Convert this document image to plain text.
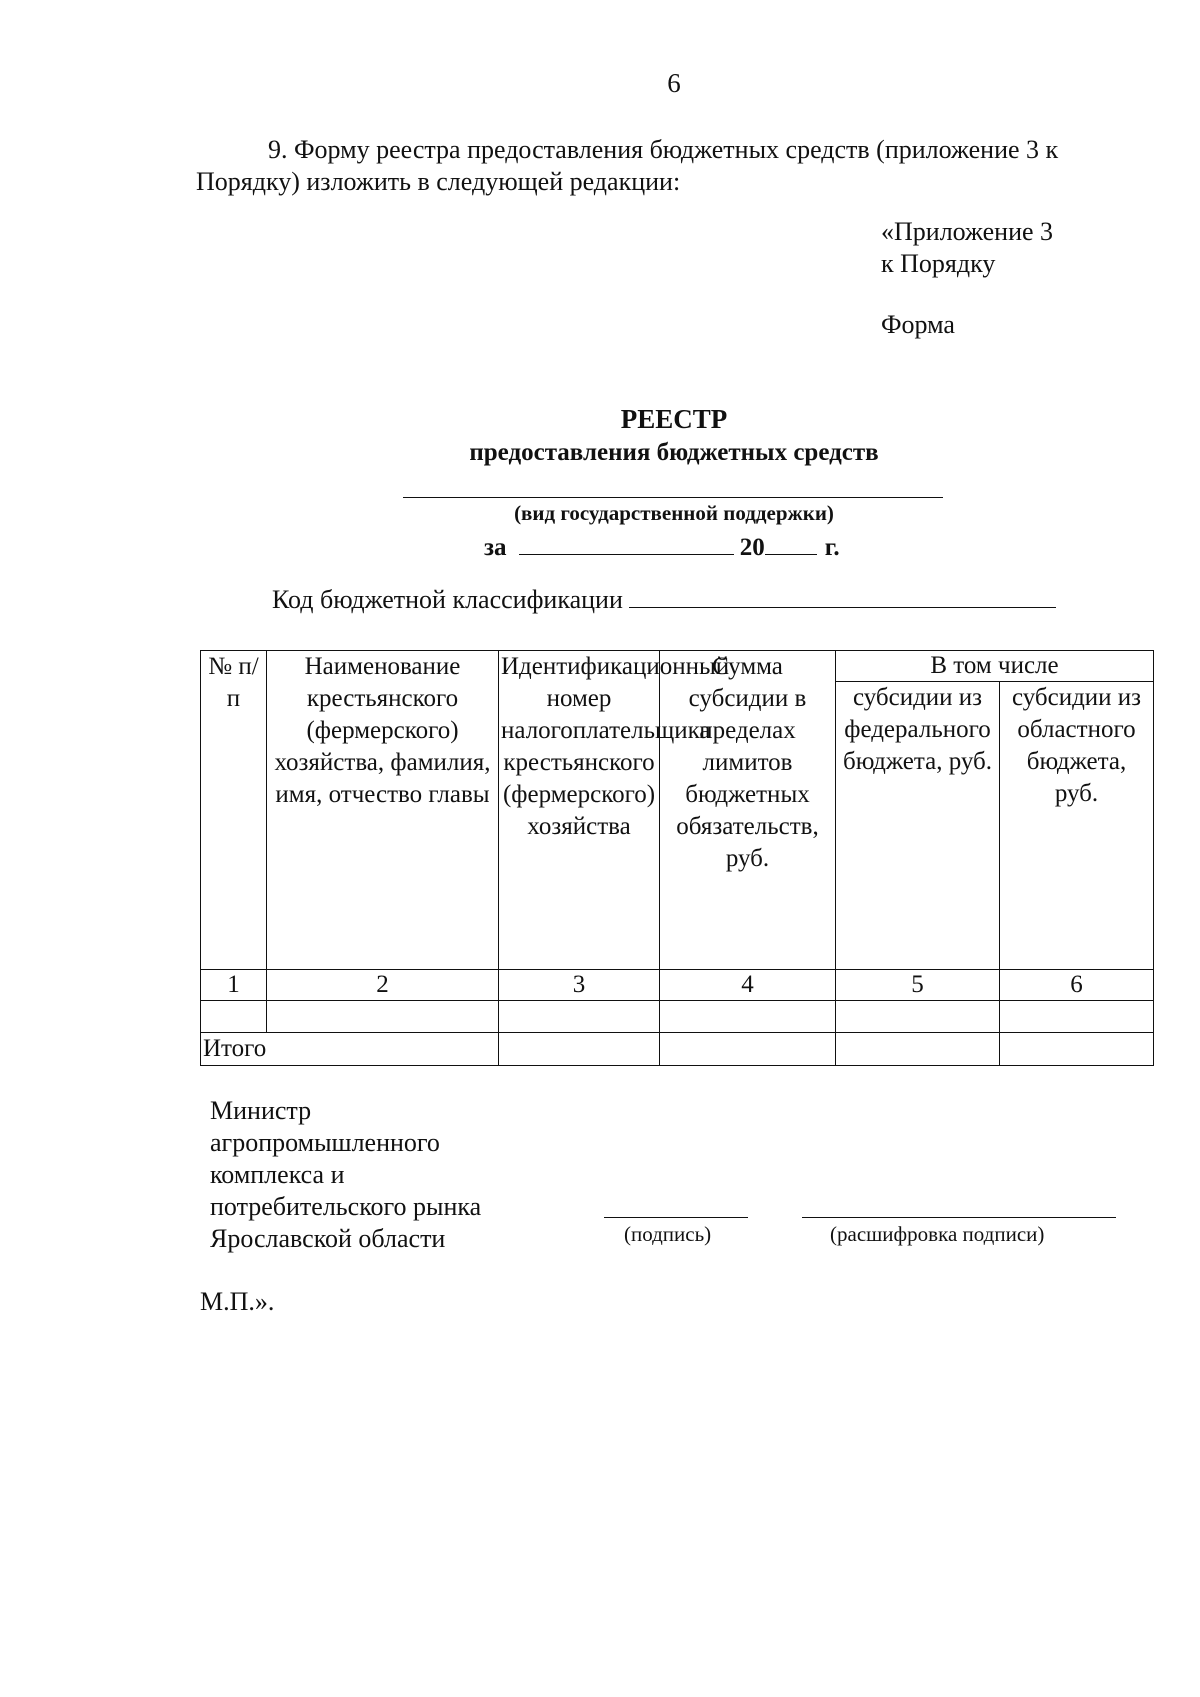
6
9. Форму реестра предоставления бюджетных средств (приложение 3 к
Порядку) изложить в следующей редакции:
«Приложение 3
к Порядку
Форма
РЕЕСТР
предоставления бюджетных средств
(вид государственной поддержки)
за	20 г.
Код бюджетной классификации
№ п/п	Наименование крестьянского (фермерского) хозяйства, фамилия, имя, отчество главы	Идентификационный номер налогоплательщика крестьянского (фермерского) хозяйства	Сумма субсидии в пределах лимитов бюджетных обязательств, руб.	В том числе	
				субсидии из федерального бюджета, руб.	субсидии из областного бюджета, руб.
1	2	3	4	5	6

Итого					
Министр
агропромышленного
комплекса и
потребительского рынка
Ярославской области	(подпись)	(расшифровка подписи)
М.П.».
